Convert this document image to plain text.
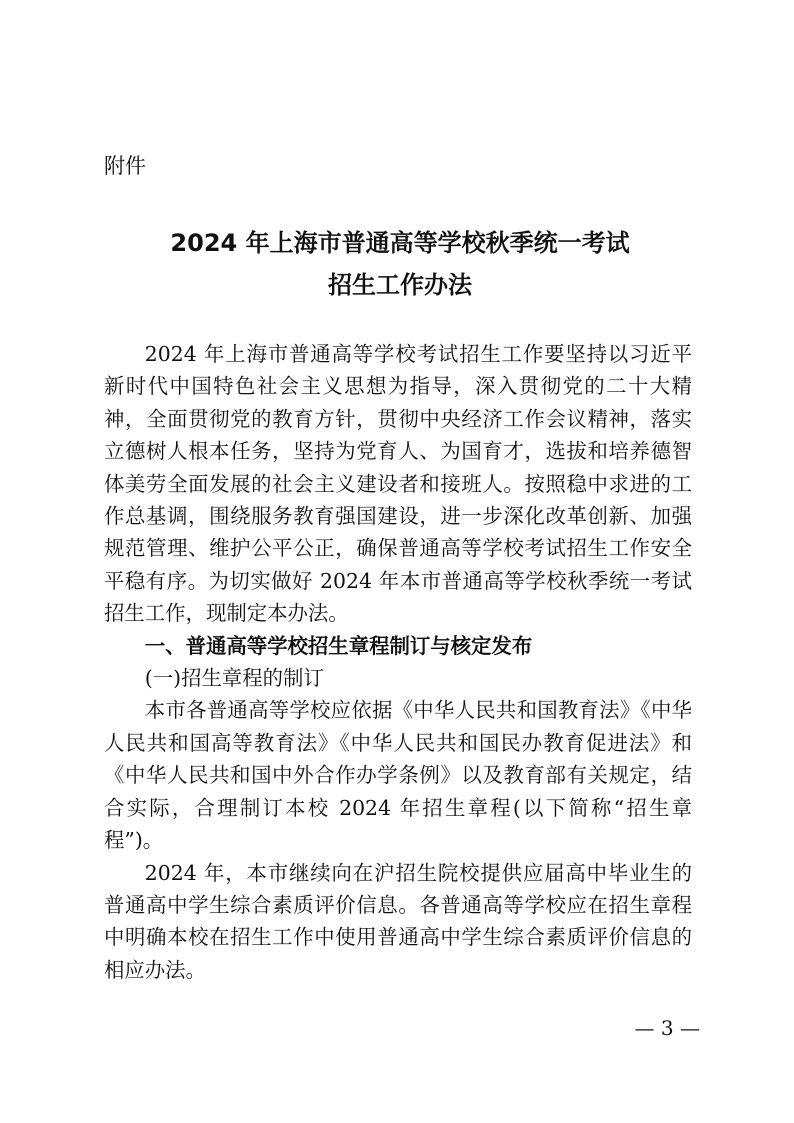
附件
2024 年上海市普通高等学校秋季统一考试
招生工作办法

2024 年上海市普通高等学校考试招生工作要坚持以习近平新时代中国特色社会主义思想为指导，深入贯彻党的二十大精神，全面贯彻党的教育方针，贯彻中央经济工作会议精神，落实立德树人根本任务，坚持为党育人、为国育才，选拔和培养德智体美劳全面发展的社会主义建设者和接班人。按照稳中求进的工作总基调，围绕服务教育强国建设，进一步深化改革创新、加强规范管理、维护公平公正，确保普通高等学校考试招生工作安全平稳有序。为切实做好 2024 年本市普通高等学校秋季统一考试招生工作，现制定本办法。

一、普通高等学校招生章程制订与核定发布

(一)招生章程的制订

本市各普通高等学校应依据《中华人民共和国教育法》《中华人民共和国高等教育法》《中华人民共和国民办教育促进法》和《中华人民共和国中外合作办学条例》以及教育部有关规定，结合实际，合理制订本校 2024 年招生章程(以下简称“招生章程”)。

2024 年，本市继续向在沪招生院校提供应届高中毕业生的普通高中学生综合素质评价信息。各普通高等学校应在招生章程中明确本校在招生工作中使用普通高中学生综合素质评价信息的相应办法。

— 3 —
